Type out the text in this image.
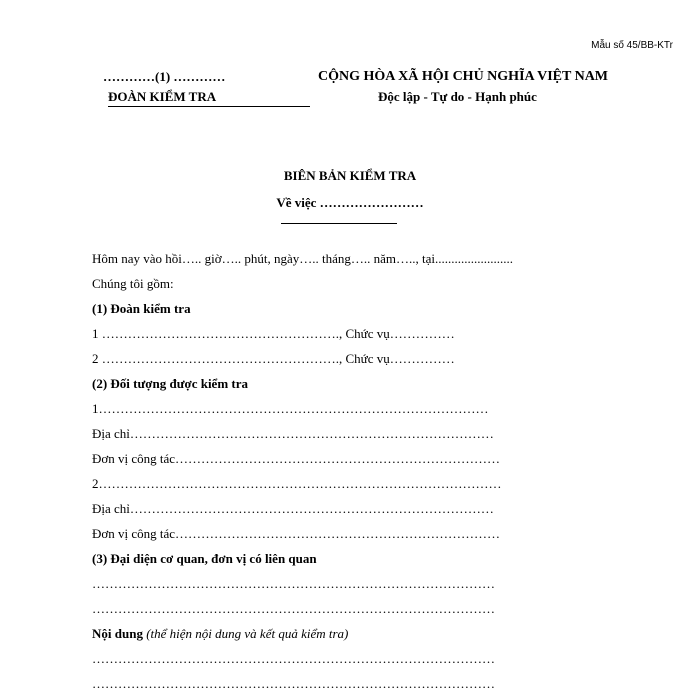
Mẫu số 45/BB-KTr
…………(1) …………
ĐOÀN KIỂM TRA
CỘNG HÒA XÃ HỘI CHỦ NGHĨA VIỆT NAM
Độc lập - Tự do - Hạnh phúc
BIÊN BẢN KIỂM TRA
Về việc ……………………
Hôm nay vào hồi….. giờ….. phút, ngày….. tháng….. năm….., tại........................
Chúng tôi gồm:
(1) Đoàn kiểm tra
1 ………………………………………………., Chức vụ……………
2 ………………………………………………., Chức vụ……………
(2) Đối tượng được kiểm tra
1………………………………………………………………………………
Địa chỉ…………………………………………………………………………
Đơn vị công tác…………………………………………………………………
2…………………………………………………………………………………
Địa chỉ…………………………………………………………………………
Đơn vị công tác…………………………………………………………………
(3) Đại diện cơ quan, đơn vị có liên quan
…………………………………………………………………………………
…………………………………………………………………………………
Nội dung (thể hiện nội dung và kết quả kiểm tra)
…………………………………………………………………………………
…………………………………………………………………………………
